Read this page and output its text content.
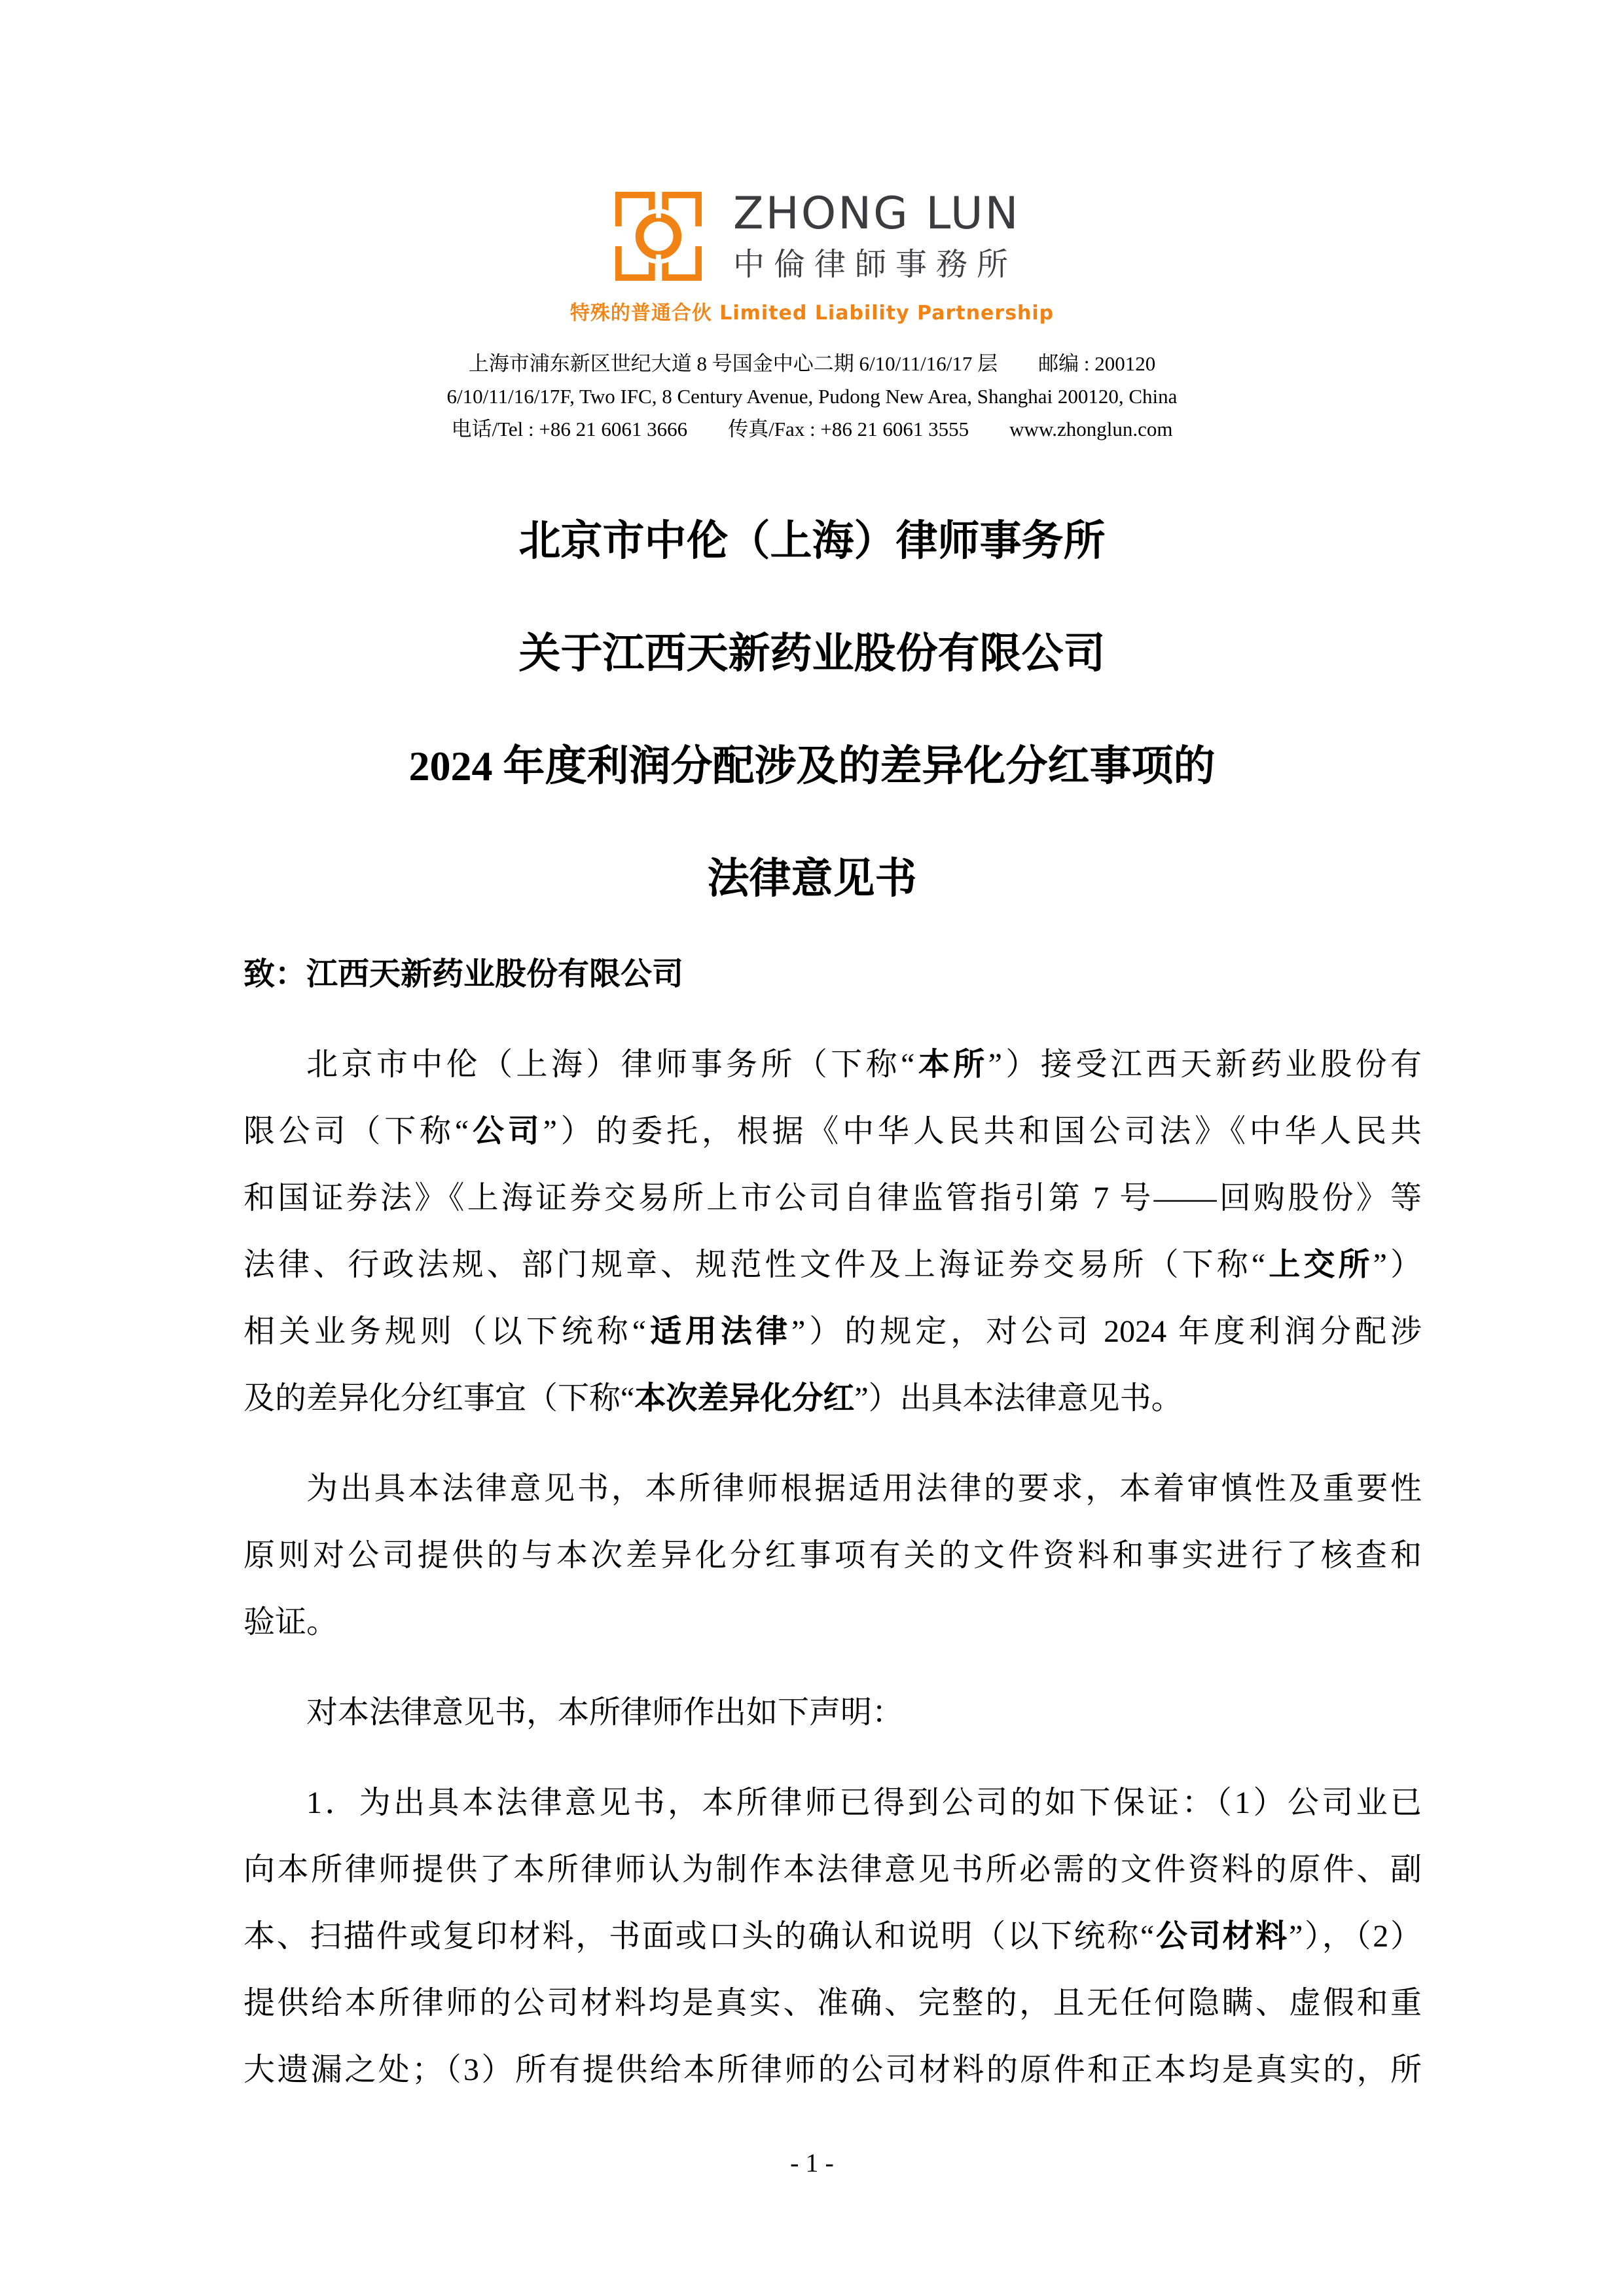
ZHONG LUN
中倫律師事務所
特殊的普通合伙 Limited Liability Partnership
上海市浦东新区世纪大道 8 号国金中心二期 6/10/11/16/17 层　　邮编 : 200120
6/10/11/16/17F, Two IFC, 8 Century Avenue, Pudong New Area, Shanghai 200120, China
电话/Tel : +86 21 6061 3666　　传真/Fax : +86 21 6061 3555　　www.zhonglun.com
北京市中伦（上海）律师事务所
关于江西天新药业股份有限公司
2024 年度利润分配涉及的差异化分红事项的
法律意见书
致：江西天新药业股份有限公司
北京市中伦（上海）律师事务所（下称“本所”）接受江西天新药业股份有
限公司（下称“公司”）的委托，根据《中华人民共和国公司法》《中华人民共
和国证券法》《上海证券交易所上市公司自律监管指引第 7 号——回购股份》等
法律、行政法规、部门规章、规范性文件及上海证券交易所（下称“上交所”）
相关业务规则（以下统称“适用法律”）的规定，对公司 2024 年度利润分配涉
及的差异化分红事宜（下称“本次差异化分红”）出具本法律意见书。
为出具本法律意见书，本所律师根据适用法律的要求，本着审慎性及重要性
原则对公司提供的与本次差异化分红事项有关的文件资料和事实进行了核查和
验证。
对本法律意见书，本所律师作出如下声明：
1．为出具本法律意见书，本所律师已得到公司的如下保证：（1）公司业已
向本所律师提供了本所律师认为制作本法律意见书所必需的文件资料的原件、副
本、扫描件或复印材料，书面或口头的确认和说明（以下统称“公司材料”），（2）
提供给本所律师的公司材料均是真实、准确、完整的，且无任何隐瞒、虚假和重
大遗漏之处；（3）所有提供给本所律师的公司材料的原件和正本均是真实的，所
- 1 -
